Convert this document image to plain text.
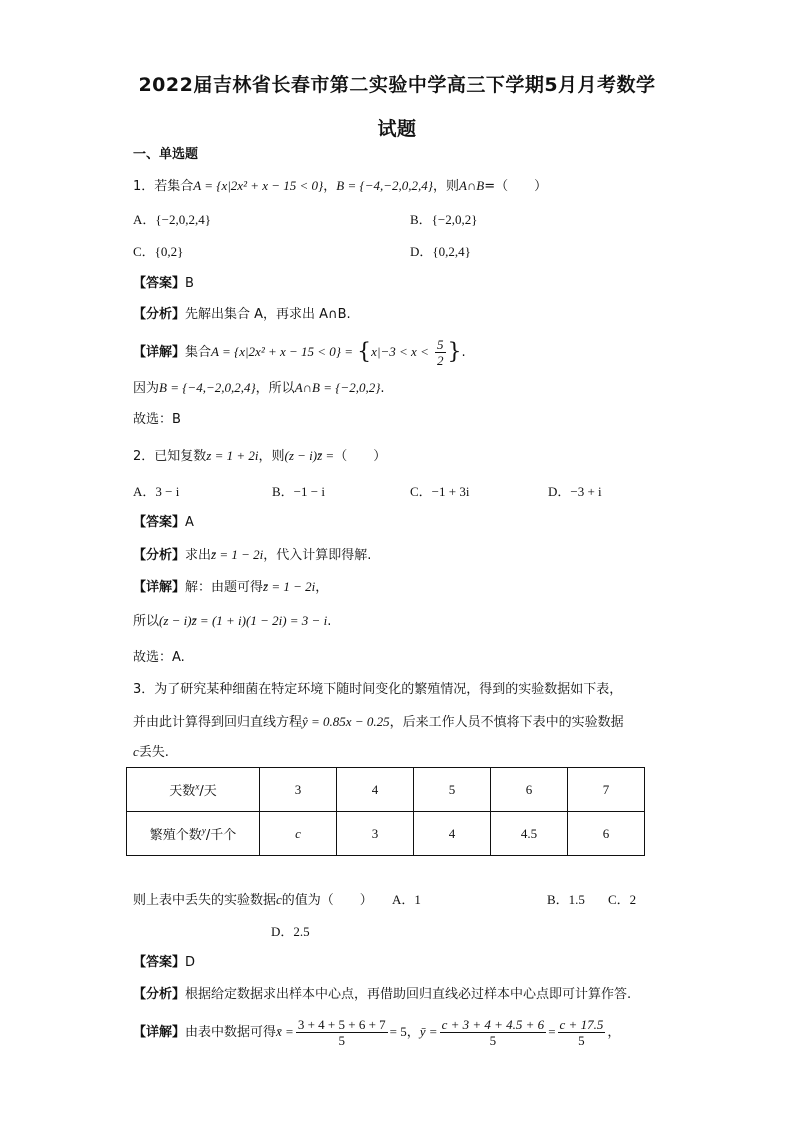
2022届吉林省长春市第二实验中学高三下学期5月月考数学
试题
一、单选题
1．若集合A = {x|2x² + x − 15 < 0}，B = {−4,−2,0,2,4}，则A∩B=（　　）
A．{−2,0,2,4}	B．{−2,0,2}
C．{0,2}	D．{0,2,4}
【答案】B
【分析】先解出集合 A，再求出 A∩B.
【详解】集合$A = \{x|2x^2 + x - 15 < 0\} = \{x|-3 < x < \frac{5}{2}$ }.
因为B = {−4,−2,0,2,4}，所以A∩B = {−2,0,2}.
故选：B
2．已知复数z = 1 + 2i，则(z − i)z̄ =（　　）
A．3 − i	B．−1 − i	C．−1 + 3i	D．−3 + i
【答案】A
【分析】求出z̄ = 1 − 2i，代入计算即得解.
【详解】解：由题可得z̄ = 1 − 2i，
所以(z − i)z̄ = (1 + i)(1 − 2i) = 3 − i.
故选：A.
3．为了研究某种细菌在特定环境下随时间变化的繁殖情况，得到的实验数据如下表，
并由此计算得到回归直线方程ŷ = 0.85x − 0.25，后来工作人员不慎将下表中的实验数据
c丢失.
天数$^x$/天	3	4	5	6	7
繁殖个数$^y$/千个	c	3	4	4.5	6
则上表中丢失的实验数据c的值为（　　） A．1	B．1.5 C．2
D．2.5
【答案】D
【分析】根据给定数据求出样本中心点，再借助回归直线必过样本中心点即可计算作答.
【详解】由表中数据可得x̄ = $\frac{3 + 4 + 5 + 6 + 7}{5} = 5$，ȳ = $\frac{c + 3 + 4 + 4.5 + 6}{5} = \frac{c + 17.5}{5}$ ，
